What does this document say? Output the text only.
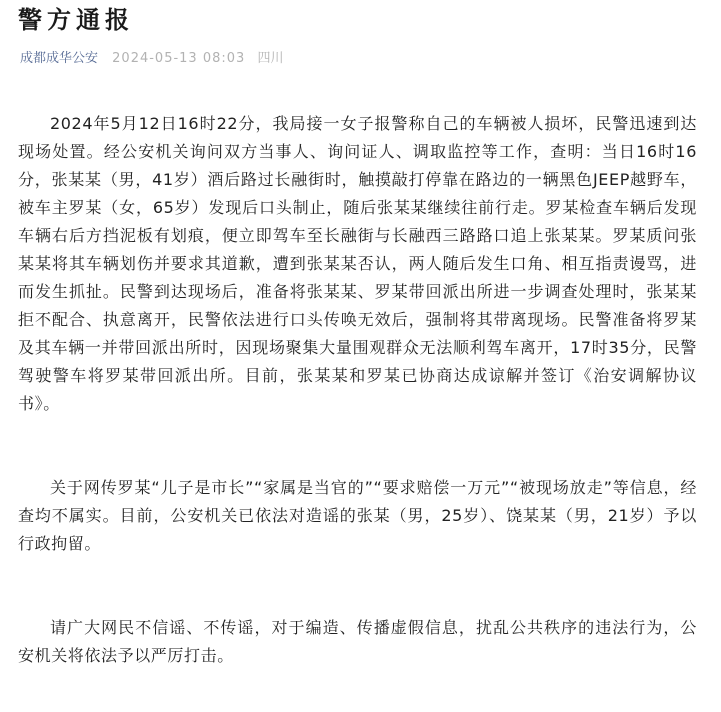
警方通报
成都成华公安 2024-05-13 08:03 四川

2024年5月12日16时22分，我局接一女子报警称自己的车辆被人损坏，民警迅速到达现场处置。经公安机关询问双方当事人、询问证人、调取监控等工作，查明：当日16时16分，张某某（男，41岁）酒后路过长融街时，触摸敲打停靠在路边的一辆黑色JEEP越野车，被车主罗某（女，65岁）发现后口头制止，随后张某某继续往前行走。罗某检查车辆后发现车辆右后方挡泥板有划痕，便立即驾车至长融街与长融西三路路口追上张某某。罗某质问张某某将其车辆划伤并要求其道歉，遭到张某某否认，两人随后发生口角、相互指责谩骂，进而发生抓扯。民警到达现场后，准备将张某某、罗某带回派出所进一步调查处理时，张某某拒不配合、执意离开，民警依法进行口头传唤无效后，强制将其带离现场。民警准备将罗某及其车辆一并带回派出所时，因现场聚集大量围观群众无法顺利驾车离开，17时35分，民警驾驶警车将罗某带回派出所。目前，张某某和罗某已协商达成谅解并签订《治安调解协议书》。

关于网传罗某“儿子是市长”“家属是当官的”“要求赔偿一万元”“被现场放走”等信息，经查均不属实。目前，公安机关已依法对造谣的张某（男，25岁）、饶某某（男，21岁）予以行政拘留。

请广大网民不信谣、不传谣，对于编造、传播虚假信息，扰乱公共秩序的违法行为，公安机关将依法予以严厉打击。
